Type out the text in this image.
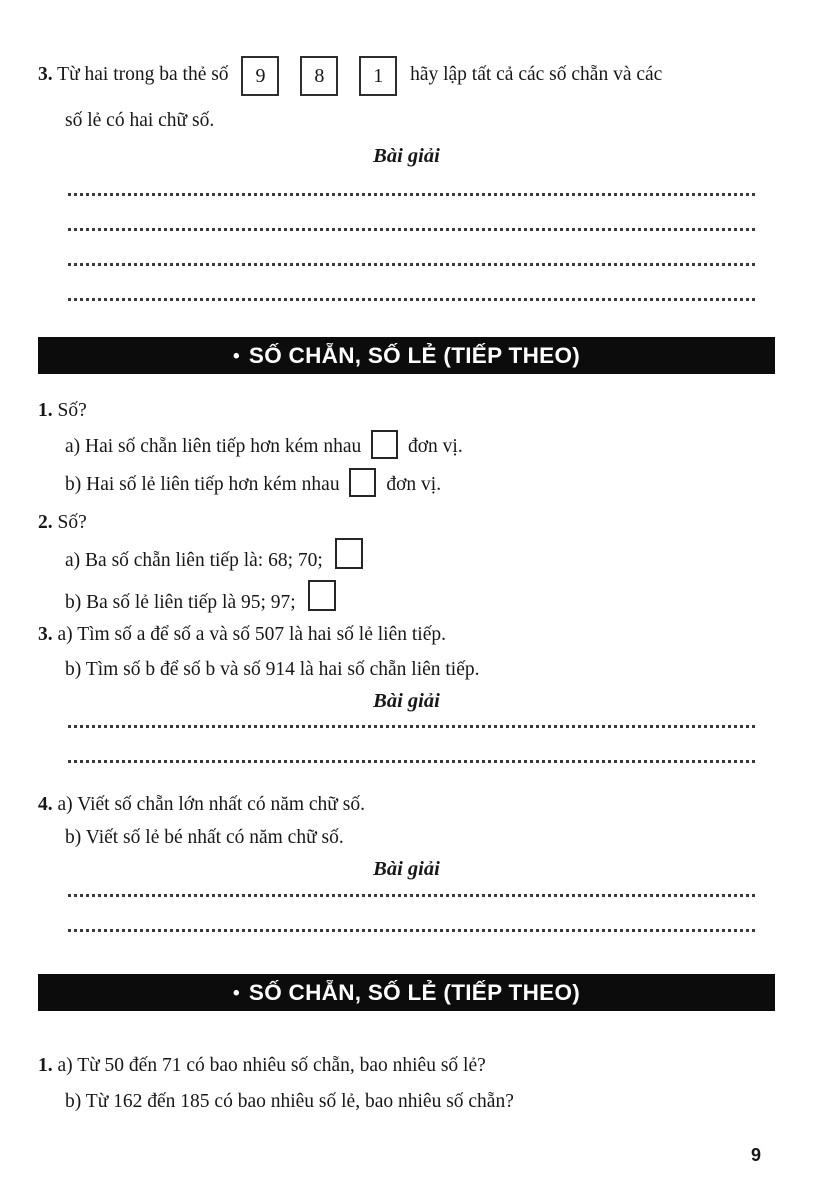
3. Từ hai trong ba thẻ số 9 8 1 hãy lập tất cả các số chẵn và các
số lẻ có hai chữ số.
Bài giải
• SỐ CHẴN, SỐ LẺ (TIẾP THEO)
1. Số?
a) Hai số chẵn liên tiếp hơn kém nhau đơn vị.
b) Hai số lẻ liên tiếp hơn kém nhau đơn vị.
2. Số?
a) Ba số chẵn liên tiếp là: 68; 70;
b) Ba số lẻ liên tiếp là 95; 97;
3. a) Tìm số a để số a và số 507 là hai số lẻ liên tiếp.
b) Tìm số b để số b và số 914 là hai số chẵn liên tiếp.
Bài giải
4. a) Viết số chẵn lớn nhất có năm chữ số.
b) Viết số lẻ bé nhất có năm chữ số.
Bài giải
• SỐ CHẴN, SỐ LẺ (TIẾP THEO)
1. a) Từ 50 đến 71 có bao nhiêu số chẵn, bao nhiêu số lẻ?
b) Từ 162 đến 185 có bao nhiêu số lẻ, bao nhiêu số chẵn?
9
